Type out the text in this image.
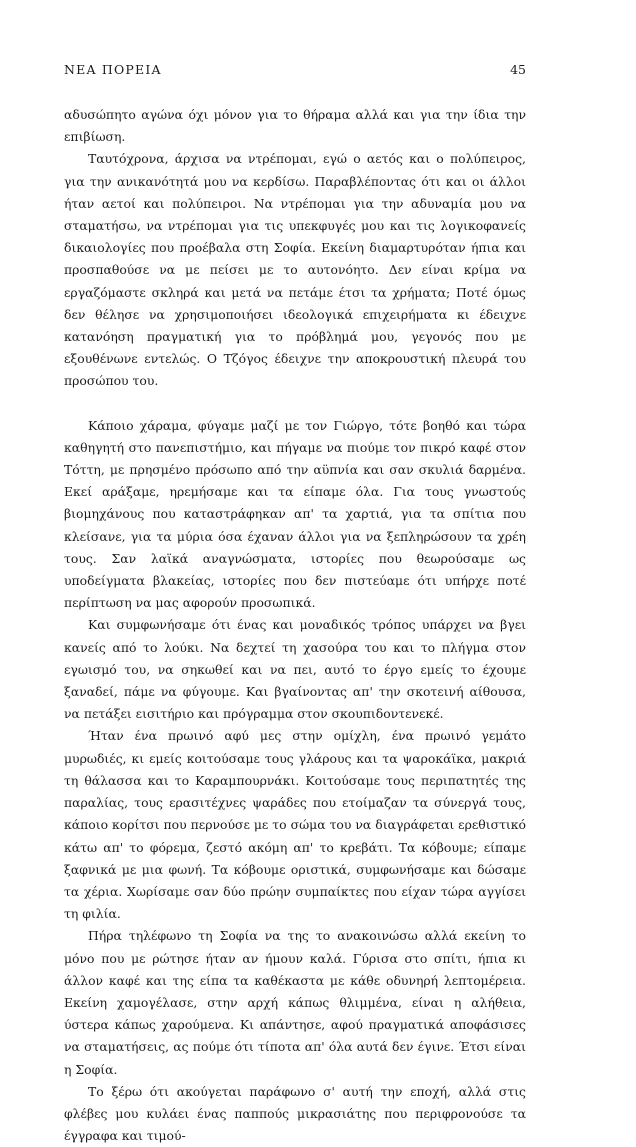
ΝΕΑ ΠΟΡΕΙΑ	45

αδυσώπητο αγώνα όχι μόνον για το θήραμα αλλά και για την ίδια την επιβίωση.

Ταυτόχρονα, άρχισα να ντρέπομαι, εγώ ο αετός και ο πολύπειρος, για την ανικανότητά μου να κερδίσω. Παραβλέποντας ότι και οι άλλοι ήταν αετοί και πολύπειροι. Να ντρέπομαι για την αδυναμία μου να σταματήσω, να ντρέπομαι για τις υπεκφυγές μου και τις λογικοφανείς δικαιολογίες που προέβαλα στη Σοφία. Εκείνη διαμαρτυρόταν ήπια και προσπαθούσε να με πείσει με το αυτονόητο. Δεν είναι κρίμα να εργαζόμαστε σκληρά και μετά να πετάμε έτσι τα χρήματα; Ποτέ όμως δεν θέλησε να χρησιμοποιήσει ιδεολογικά επιχειρήματα κι έδειχνε κατανόηση πραγματική για το πρόβλημά μου, γεγονός που με εξουθένωνε εντελώς. Ο Τζόγος έδειχνε την αποκρουστική πλευρά του προσώπου του.

Κάποιο χάραμα, φύγαμε μαζί με τον Γιώργο, τότε βοηθό και τώρα καθηγητή στο πανεπιστήμιο, και πήγαμε να πιούμε τον πικρό καφέ στον Τόττη, με πρησμένο πρόσωπο από την αϋπνία και σαν σκυλιά δαρμένα. Εκεί αράξαμε, ηρεμήσαμε και τα είπαμε όλα. Για τους γνωστούς βιομηχάνους που καταστράφηκαν απ' τα χαρτιά, για τα σπίτια που κλείσανε, για τα μύρια όσα έχαναν άλλοι για να ξεπληρώσουν τα χρέη τους. Σαν λαϊκά αναγνώσματα, ιστορίες που θεωρούσαμε ως υποδείγματα βλακείας, ιστορίες που δεν πιστεύαμε ότι υπήρχε ποτέ περίπτωση να μας αφορούν προσωπικά.

Και συμφωνήσαμε ότι ένας και μοναδικός τρόπος υπάρχει να βγει κανείς από το λούκι. Να δεχτεί τη χασούρα του και το πλήγμα στον εγωισμό του, να σηκωθεί και να πει, αυτό το έργο εμείς το έχουμε ξαναδεί, πάμε να φύγουμε. Και βγαίνοντας απ' την σκοτεινή αίθουσα, να πετάξει εισιτήριο και πρόγραμμα στον σκουπιδοντενεκέ.

Ήταν ένα πρωινό αφύ μες στην ομίχλη, ένα πρωινό γεμάτο μυρωδιές, κι εμείς κοιτούσαμε τους γλάρους και τα ψαροκάϊκα, μακριά τη θάλασσα και το Καραμπουρνάκι. Κοιτούσαμε τους περιπατητές της παραλίας, τους ερασιτέχνες ψαράδες που ετοίμαζαν τα σύνεργά τους, κάποιο κορίτσι που περνούσε με το σώμα του να διαγράφεται ερεθιστικό κάτω απ' το φόρεμα, ζεστό ακόμη απ' το κρεβάτι. Τα κόβουμε; είπαμε ξαφνικά με μια φωνή. Τα κόβουμε οριστικά, συμφωνήσαμε και δώσαμε τα χέρια. Χωρίσαμε σαν δύο πρώην συμπαίκτες που είχαν τώρα αγγίσει τη φιλία.

Πήρα τηλέφωνο τη Σοφία να της το ανακοινώσω αλλά εκείνη το μόνο που με ρώτησε ήταν αν ήμουν καλά. Γύρισα στο σπίτι, ήπια κι άλλον καφέ και της είπα τα καθέκαστα με κάθε οδυνηρή λεπτομέρεια. Εκείνη χαμογέλασε, στην αρχή κάπως θλιμμένα, είναι η αλήθεια, ύστερα κάπως χαρούμενα. Κι απάντησε, αφού πραγματικά αποφάσισες να σταματήσεις, ας πούμε ότι τίποτα απ' όλα αυτά δεν έγινε. Έτσι είναι η Σοφία.

Το ξέρω ότι ακούγεται παράφωνο σ' αυτή την εποχή, αλλά στις φλέβες μου κυλάει ένας παππούς μικρασιάτης που περιφρονούσε τα έγγραφα και τιμού-
